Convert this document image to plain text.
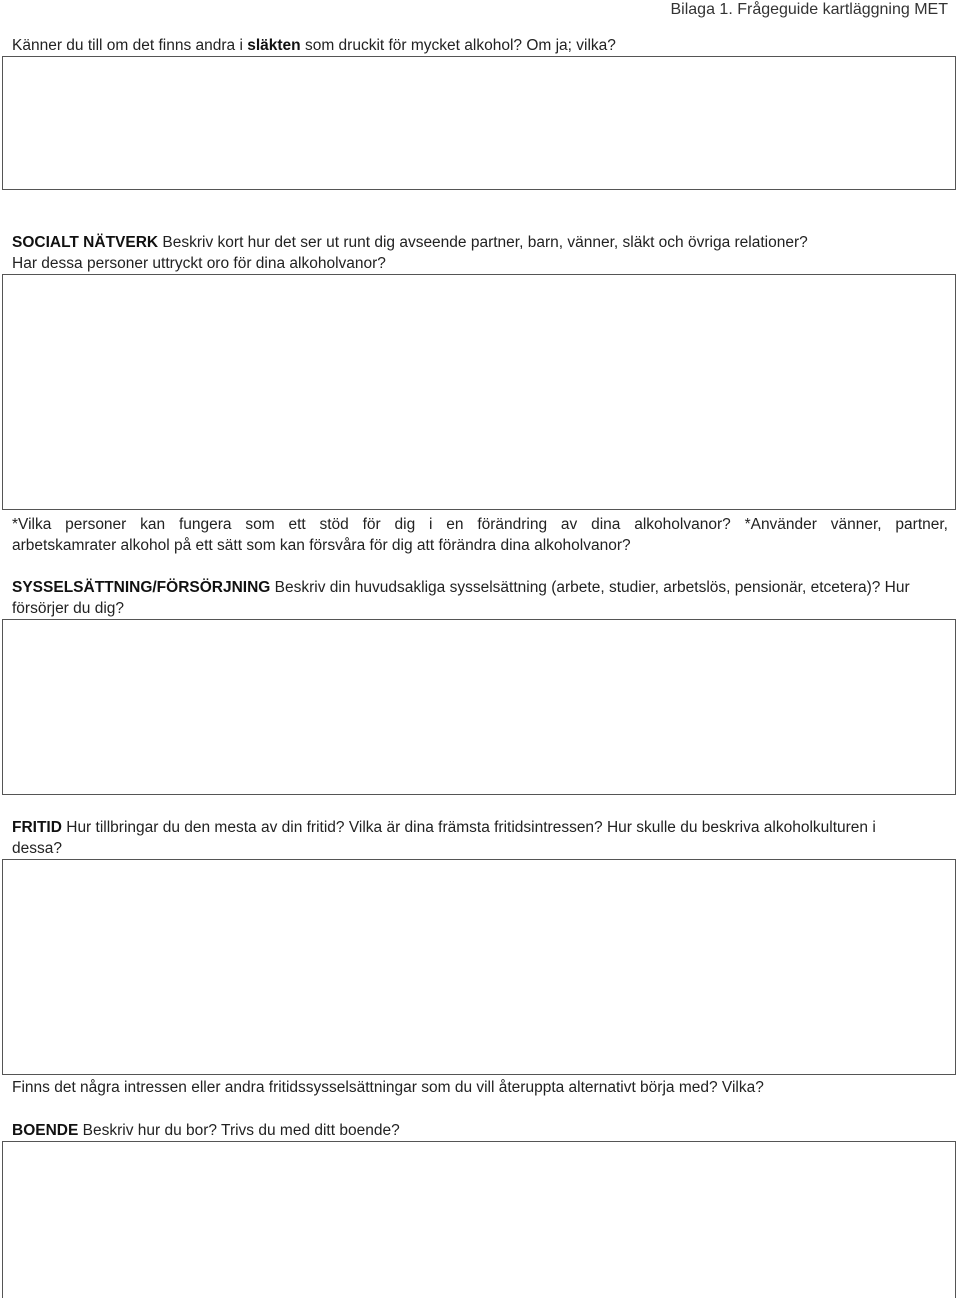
Bilaga 1. Frågeguide kartläggning MET

Känner du till om det finns andra i släkten som druckit för mycket alkohol? Om ja; vilka?

SOCIALT NÄTVERK Beskriv kort hur det ser ut runt dig avseende partner, barn, vänner, släkt och övriga relationer?

Har dessa personer uttryckt oro för dina alkoholvanor?

*Vilka personer kan fungera som ett stöd för dig i en förändring av dina alkoholvanor? *Använder vänner, partner,

arbetskamrater alkohol på ett sätt som kan försvåra för dig att förändra dina alkoholvanor?

SYSSELSÄTTNING/FÖRSÖRJNING Beskriv din huvudsakliga sysselsättning (arbete, studier, arbetslös, pensionär, etcetera)? Hur

försörjer du dig?

FRITID Hur tillbringar du den mesta av din fritid? Vilka är dina främsta fritidsintressen? Hur skulle du beskriva alkoholkulturen i

dessa?

Finns det några intressen eller andra fritidssysselsättningar som du vill återuppta alternativt börja med? Vilka?

BOENDE Beskriv hur du bor? Trivs du med ditt boende?
